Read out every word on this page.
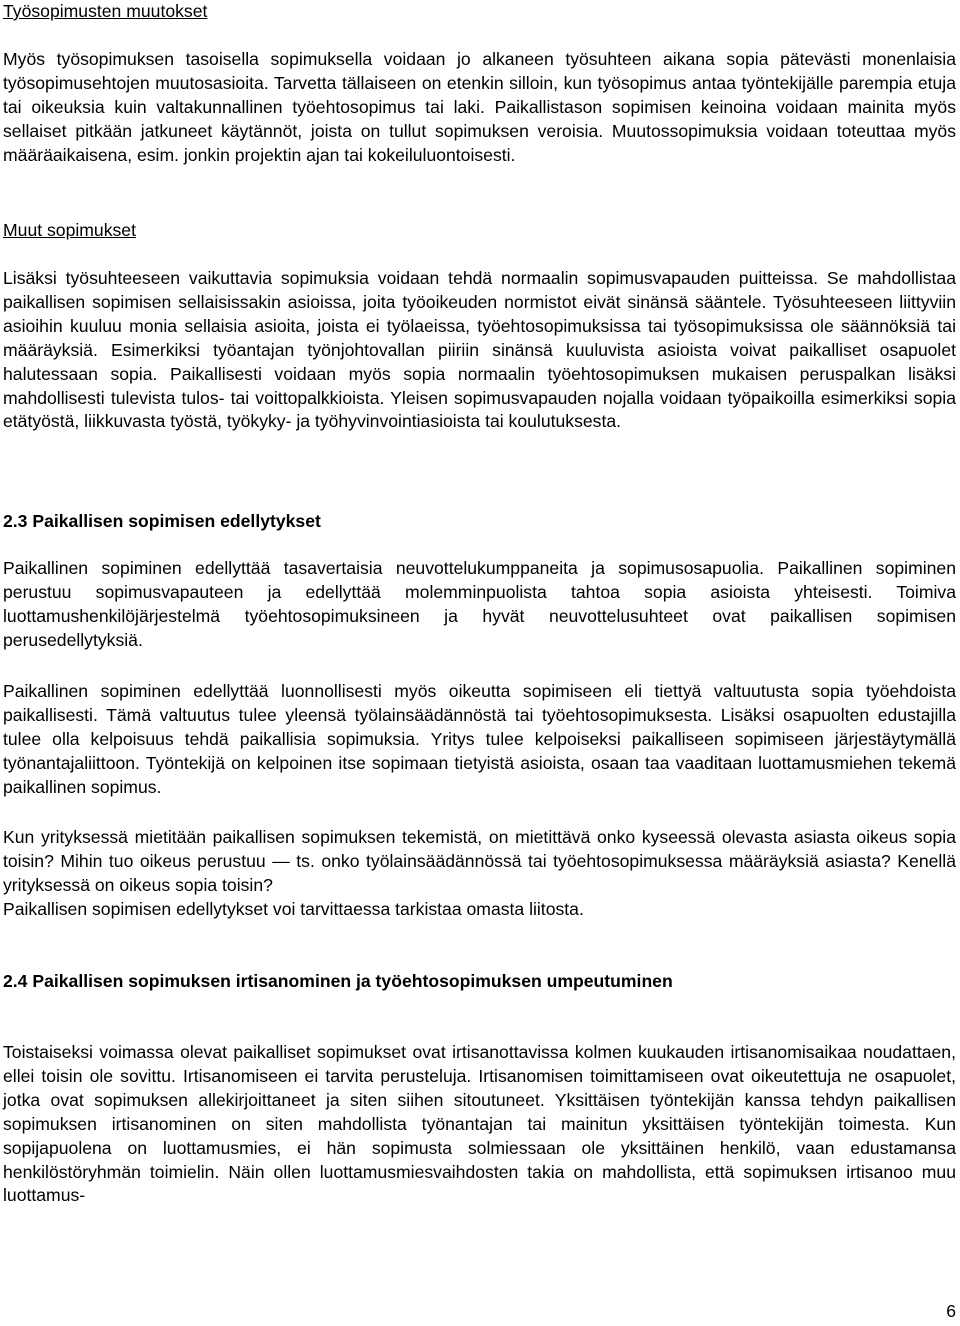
Työsopimusten muutokset
Myös työsopimuksen tasoisella sopimuksella voidaan jo alkaneen työsuhteen aikana sopia pätevästi monenlaisia työsopimusehtojen muutosasioita. Tarvetta tällaiseen on etenkin silloin, kun työsopimus antaa työntekijälle parempia etuja tai oikeuksia kuin valtakunnallinen työehtosopimus tai laki. Paikallistason sopimisen keinoina voidaan mainita myös sellaiset pitkään jatkuneet käytännöt, joista on tullut sopimuksen veroisia. Muutossopimuksia voidaan toteuttaa myös määräaikaisena, esim. jonkin projektin ajan tai kokeiluluontoisesti.
Muut sopimukset
Lisäksi työsuhteeseen vaikuttavia sopimuksia voidaan tehdä normaalin sopimusvapauden puitteissa. Se mahdollistaa paikallisen sopimisen sellaisissakin asioissa, joita työoikeuden normistot eivät sinänsä sääntele. Työsuhteeseen liittyviin asioihin kuuluu monia sellaisia asioita, joista ei työlaeissa, työehtosopimuksissa tai työsopimuksissa ole säännöksiä tai määräyksiä. Esimerkiksi työantajan työnjohtovallan piiriin sinänsä kuuluvista asioista voivat paikalliset osapuolet halutessaan sopia. Paikallisesti voidaan myös sopia normaalin työehtosopimuksen mukaisen peruspalkan lisäksi mahdollisesti tulevista tulos- tai voittopalkkioista. Yleisen sopimusvapauden nojalla voidaan työpaikoilla esimerkiksi sopia etätyöstä, liikkuvasta työstä, työkyky- ja työhyvinvointiasioista tai koulutuksesta.
2.3 Paikallisen sopimisen edellytykset
Paikallinen sopiminen edellyttää tasavertaisia neuvottelukumppaneita ja sopimusosapuolia. Paikallinen sopiminen perustuu sopimusvapauteen ja edellyttää molemminpuolista tahtoa sopia asioista yhteisesti. Toimiva luottamushenkilöjärjestelmä työehtosopimuksineen ja hyvät neuvottelusuhteet ovat paikallisen sopimisen perusedellytyksiä.
Paikallinen sopiminen edellyttää luonnollisesti myös oikeutta sopimiseen eli tiettyä valtuutusta sopia työehdoista paikallisesti. Tämä valtuutus tulee yleensä työlainsäädännöstä tai työehtosopimuksesta. Lisäksi osapuolten edustajilla tulee olla kelpoisuus tehdä paikallisia sopimuksia. Yritys tulee kelpoiseksi paikalliseen sopimiseen järjestäytymällä työnantajaliittoon. Työntekijä on kelpoinen itse sopimaan tietyistä asioista, osaan taa vaaditaan luottamusmiehen tekemä paikallinen sopimus.
Kun yrityksessä mietitään paikallisen sopimuksen tekemistä, on mietittävä onko kyseessä olevasta asiasta oikeus sopia toisin? Mihin tuo oikeus perustuu — ts. onko työlainsäädännössä tai työehtosopimuksessa määräyksiä asiasta? Kenellä yrityksessä on oikeus sopia toisin?
Paikallisen sopimisen edellytykset voi tarvittaessa tarkistaa omasta liitosta.
2.4 Paikallisen sopimuksen irtisanominen ja työehtosopimuksen umpeutuminen
Toistaiseksi voimassa olevat paikalliset sopimukset ovat irtisanottavissa kolmen kuukauden irtisanomisaikaa noudattaen, ellei toisin ole sovittu. Irtisanomiseen ei tarvita perusteluja. Irtisanomisen toimittamiseen ovat oikeutettuja ne osapuolet, jotka ovat sopimuksen allekirjoittaneet ja siten siihen sitoutuneet. Yksittäisen työntekijän kanssa tehdyn paikallisen sopimuksen irtisanominen on siten mahdollista työnantajan tai mainitun yksittäisen työntekijän toimesta. Kun sopijapuolena on luottamusmies, ei hän sopimusta solmiessaan ole yksittäinen henkilö, vaan edustamansa henkilöstöryhmän toimielin. Näin ollen luottamusmiesvaihdosten takia on mahdollista, että sopimuksen irtisanoo muu luottamus-
6
